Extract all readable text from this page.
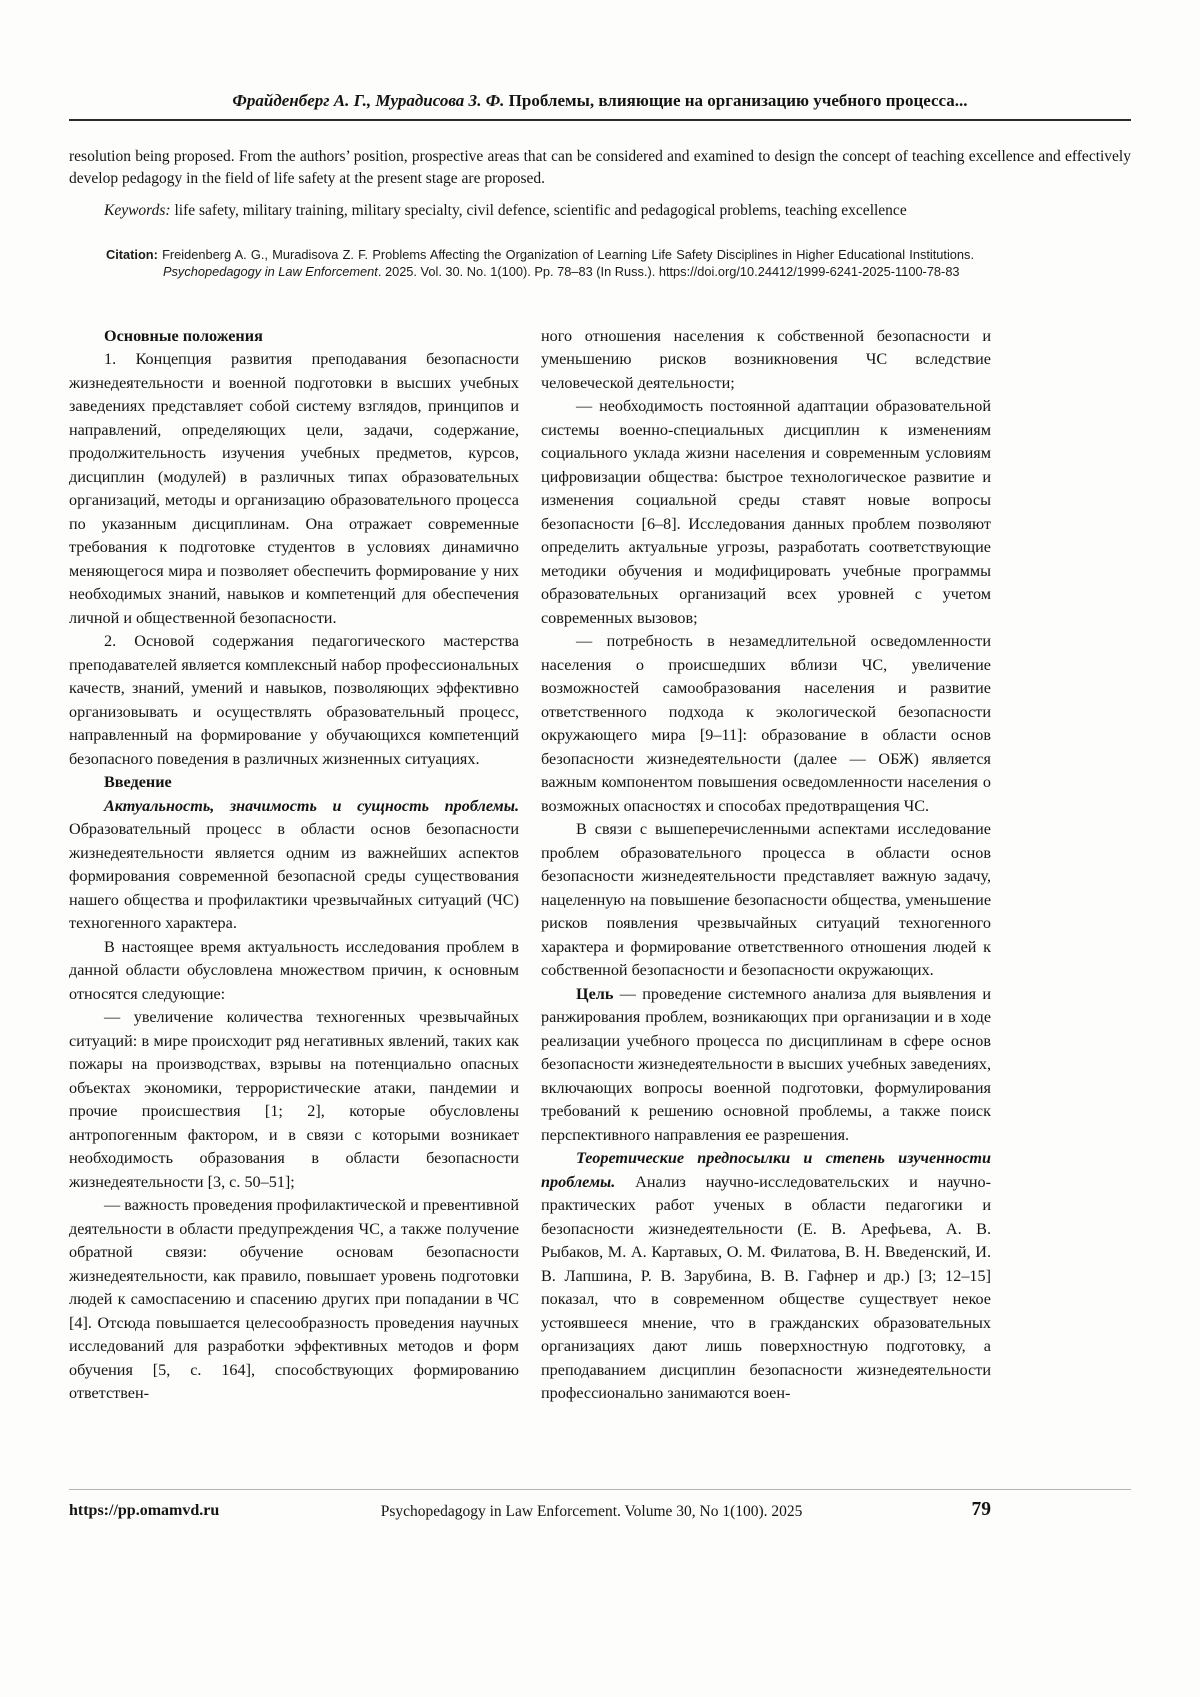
Фрайденберг А. Г., Мурадисова З. Ф. Проблемы, влияющие на организацию учебного процесса...

resolution being proposed. From the authors’ position, prospective areas that can be considered and examined to design the concept of teaching excellence and effectively develop pedagogy in the field of life safety at the present stage are proposed.

Keywords: life safety, military training, military specialty, civil defence, scientific and pedagogical problems, teaching excellence

Citation: Freidenberg A. G., Muradisova Z. F. Problems Affecting the Organization of Learning Life Safety Disciplines in Higher Educational Institutions. Psychopedagogy in Law Enforcement. 2025. Vol. 30. No. 1(100). Pp. 78–83 (In Russ.). https://doi.org/10.24412/1999-6241-2025-1100-78-83

Основные положения

1. Концепция развития преподавания безопасности жизнедеятельности и военной подготовки в высших учебных заведениях представляет собой систему взглядов, принципов и направлений, определяющих цели, задачи, содержание, продолжительность изучения учебных предметов, курсов, дисциплин (модулей) в различных типах образовательных организаций, методы и организацию образовательного процесса по указанным дисциплинам. Она отражает современные требования к подготовке студентов в условиях динамично меняющегося мира и позволяет обеспечить формирование у них необходимых знаний, навыков и компетенций для обеспечения личной и общественной безопасности.

2. Основой содержания педагогического мастерства преподавателей является комплексный набор профессиональных качеств, знаний, умений и навыков, позволяющих эффективно организовывать и осуществлять образовательный процесс, направленный на формирование у обучающихся компетенций безопасного поведения в различных жизненных ситуациях.

Введение

Актуальность, значимость и сущность проблемы. Образовательный процесс в области основ безопасности жизнедеятельности является одним из важнейших аспектов формирования современной безопасной среды существования нашего общества и профилактики чрезвычайных ситуаций (ЧС) техногенного характера.

В настоящее время актуальность исследования проблем в данной области обусловлена множеством причин, к основным относятся следующие:

— увеличение количества техногенных чрезвычайных ситуаций: в мире происходит ряд негативных явлений, таких как пожары на производствах, взрывы на потенциально опасных объектах экономики, террористические атаки, пандемии и прочие происшествия [1; 2], которые обусловлены антропогенным фактором, и в связи с которыми возникает необходимость образования в области безопасности жизнедеятельности [3, с. 50–51];

— важность проведения профилактической и превентивной деятельности в области предупреждения ЧС, а также получение обратной связи: обучение основам безопасности жизнедеятельности, как правило, повышает уровень подготовки людей к самоспасению и спасению других при попадании в ЧС [4]. Отсюда повышается целесообразность проведения научных исследований для разработки эффективных методов и форм обучения [5, с. 164], способствующих формированию ответствен-

ного отношения населения к собственной безопасности и уменьшению рисков возникновения ЧС вследствие человеческой деятельности;

— необходимость постоянной адаптации образовательной системы военно-специальных дисциплин к изменениям социального уклада жизни населения и современным условиям цифровизации общества: быстрое технологическое развитие и изменения социальной среды ставят новые вопросы безопасности [6–8]. Исследования данных проблем позволяют определить актуальные угрозы, разработать соответствующие методики обучения и модифицировать учебные программы образовательных организаций всех уровней с учетом современных вызовов;

— потребность в незамедлительной осведомленности населения о происшедших вблизи ЧС, увеличение возможностей самообразования населения и развитие ответственного подхода к экологической безопасности окружающего мира [9–11]: образование в области основ безопасности жизнедеятельности (далее — ОБЖ) является важным компонентом повышения осведомленности населения о возможных опасностях и способах предотвращения ЧС.

В связи с вышеперечисленными аспектами исследование проблем образовательного процесса в области основ безопасности жизнедеятельности представляет важную задачу, нацеленную на повышение безопасности общества, уменьшение рисков появления чрезвычайных ситуаций техногенного характера и формирование ответственного отношения людей к собственной безопасности и безопасности окружающих.

Цель — проведение системного анализа для выявления и ранжирования проблем, возникающих при организации и в ходе реализации учебного процесса по дисциплинам в сфере основ безопасности жизнедеятельности в высших учебных заведениях, включающих вопросы военной подготовки, формулирования требований к решению основной проблемы, а также поиск перспективного направления ее разрешения.

Теоретические предпосылки и степень изученности проблемы. Анализ научно-исследовательских и научно-практических работ ученых в области педагогики и безопасности жизнедеятельности (Е. В. Арефьева, А. В. Рыбаков, М. А. Картавых, О. М. Филатова, В. Н. Введенский, И. В. Лапшина, Р. В. Зарубина, В. В. Гафнер и др.) [3; 12–15] показал, что в современном обществе существует некое устоявшееся мнение, что в гражданских образовательных организациях дают лишь поверхностную подготовку, а преподаванием дисциплин безопасности жизнедеятельности профессионально занимаются воен-

https://pp.omamvd.ru	Psychopedagogy in Law Enforcement. Volume 30, No 1(100). 2025	79
